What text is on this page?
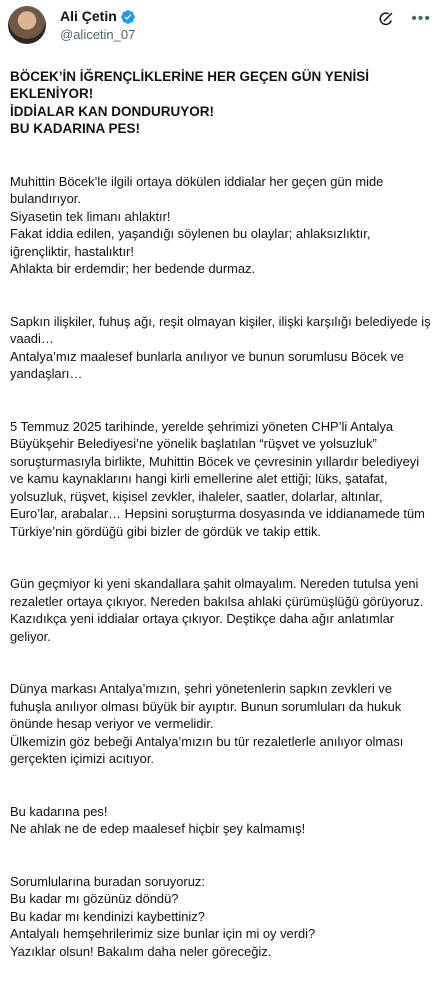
Ali Çetin
@alicetin_07
•••

BÖCEK’İN İĞRENÇLİKLERİNE HER GEÇEN GÜN YENİSİ EKLENİYOR!
İDDİALAR KAN DONDURUYOR!
BU KADARINA PES!

Muhittin Böcek’le ilgili ortaya dökülen iddialar her geçen gün mide bulandırıyor.
Siyasetin tek limanı ahlaktır!
Fakat iddia edilen, yaşandığı söylenen bu olaylar; ahlaksızlıktır, iğrençliktir, hastalıktır!
Ahlakta bir erdemdir; her bedende durmaz.

Sapkın ilişkiler, fuhuş ağı, reşit olmayan kişiler, ilişki karşılığı belediyede iş vaadi…
Antalya’mız maalesef bunlarla anılıyor ve bunun sorumlusu Böcek ve yandaşları…

5 Temmuz 2025 tarihinde, yerelde şehrimizi yöneten CHP’li Antalya Büyükşehir Belediyesi’ne yönelik başlatılan “rüşvet ve yolsuzluk” soruşturmasıyla birlikte, Muhittin Böcek ve çevresinin yıllardır belediyeyi ve kamu kaynaklarını hangi kirli emellerine alet ettiği; lüks, şatafat, yolsuzluk, rüşvet, kişisel zevkler, ihaleler, saatler, dolarlar, altınlar, Euro’lar, arabalar… Hepsini soruşturma dosyasında ve iddianamede tüm Türkiye’nin gördüğü gibi bizler de gördük ve takip ettik.

Gün geçmiyor ki yeni skandallara şahit olmayalım. Nereden tutulsa yeni rezaletler ortaya çıkıyor. Nereden bakılsa ahlaki çürümüşlüğü görüyoruz.
Kazıdıkça yeni iddialar ortaya çıkıyor. Deştikçe daha ağır anlatımlar geliyor.

Dünya markası Antalya’mızın, şehri yönetenlerin sapkın zevkleri ve fuhuşla anılıyor olması büyük bir ayıptır. Bunun sorumluları da hukuk önünde hesap veriyor ve vermelidir.
Ülkemizin göz bebeği Antalya’mızın bu tür rezaletlerle anılıyor olması gerçekten içimizi acıtıyor.

Bu kadarına pes!
Ne ahlak ne de edep maalesef hiçbir şey kalmamış!

Sorumlularına buradan soruyoruz:
Bu kadar mı gözünüz döndü?
Bu kadar mı kendinizi kaybettiniz?
Antalyalı hemşehrilerimiz size bunlar için mi oy verdi?
Yazıklar olsun! Bakalım daha neler göreceğiz.
